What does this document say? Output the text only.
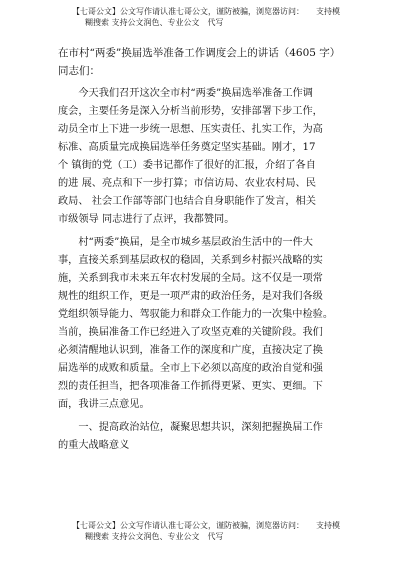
【七哥公文】公文写作请认准七哥公文，谨防被骗，浏览器访问：　　支持模

糊搜索 支持公文润色、专业公文　代写

在市村“两委”换届选举准备工作调度会上的讲话（4605 字）
同志们：
　　今天我们召开这次全市村“两委”换届选举准备工作调
度会，主要任务是深入分析当前形势，安排部署下步工作，
动员全市上下进一步统一思想、压实责任、扎实工作，为高
标准、高质量完成换届选举任务奠定坚实基础。刚才，17
个 镇街的党（工）委书记都作了很好的汇报，介绍了各自
的进 展、亮点和下一步打算；市信访局、农业农村局、民
政局、 社会工作部等部门也结合自身职能作了发言，相关
市级领导 同志进行了点评，我都赞同。
　　村“两委”换届，是全市城乡基层政治生活中的一件大
事，直接关系到基层政权的稳固，关系到乡村振兴战略的实
施，关系到我市未来五年农村发展的全局。这不仅是一项常
规性的组织工作，更是一项严肃的政治任务，是对我们各级
党组织领导能力、驾驭能力和群众工作能力的一次集中检验。
当前，换届准备工作已经进入了攻坚克难的关键阶段。我们
必须清醒地认识到，准备工作的深度和广度，直接决定了换
届选举的成败和质量。全市上下必须以高度的政治自觉和强
烈的责任担当，把各项准备工作抓得更紧、更实、更细。下
面，我讲三点意见。
　　一、提高政治站位，凝聚思想共识，深刻把握换届工作
的重大战略意义

【七哥公文】公文写作请认准七哥公文，谨防被骗，浏览器访问：　　支持模

糊搜索 支持公文润色、专业公文　代写
